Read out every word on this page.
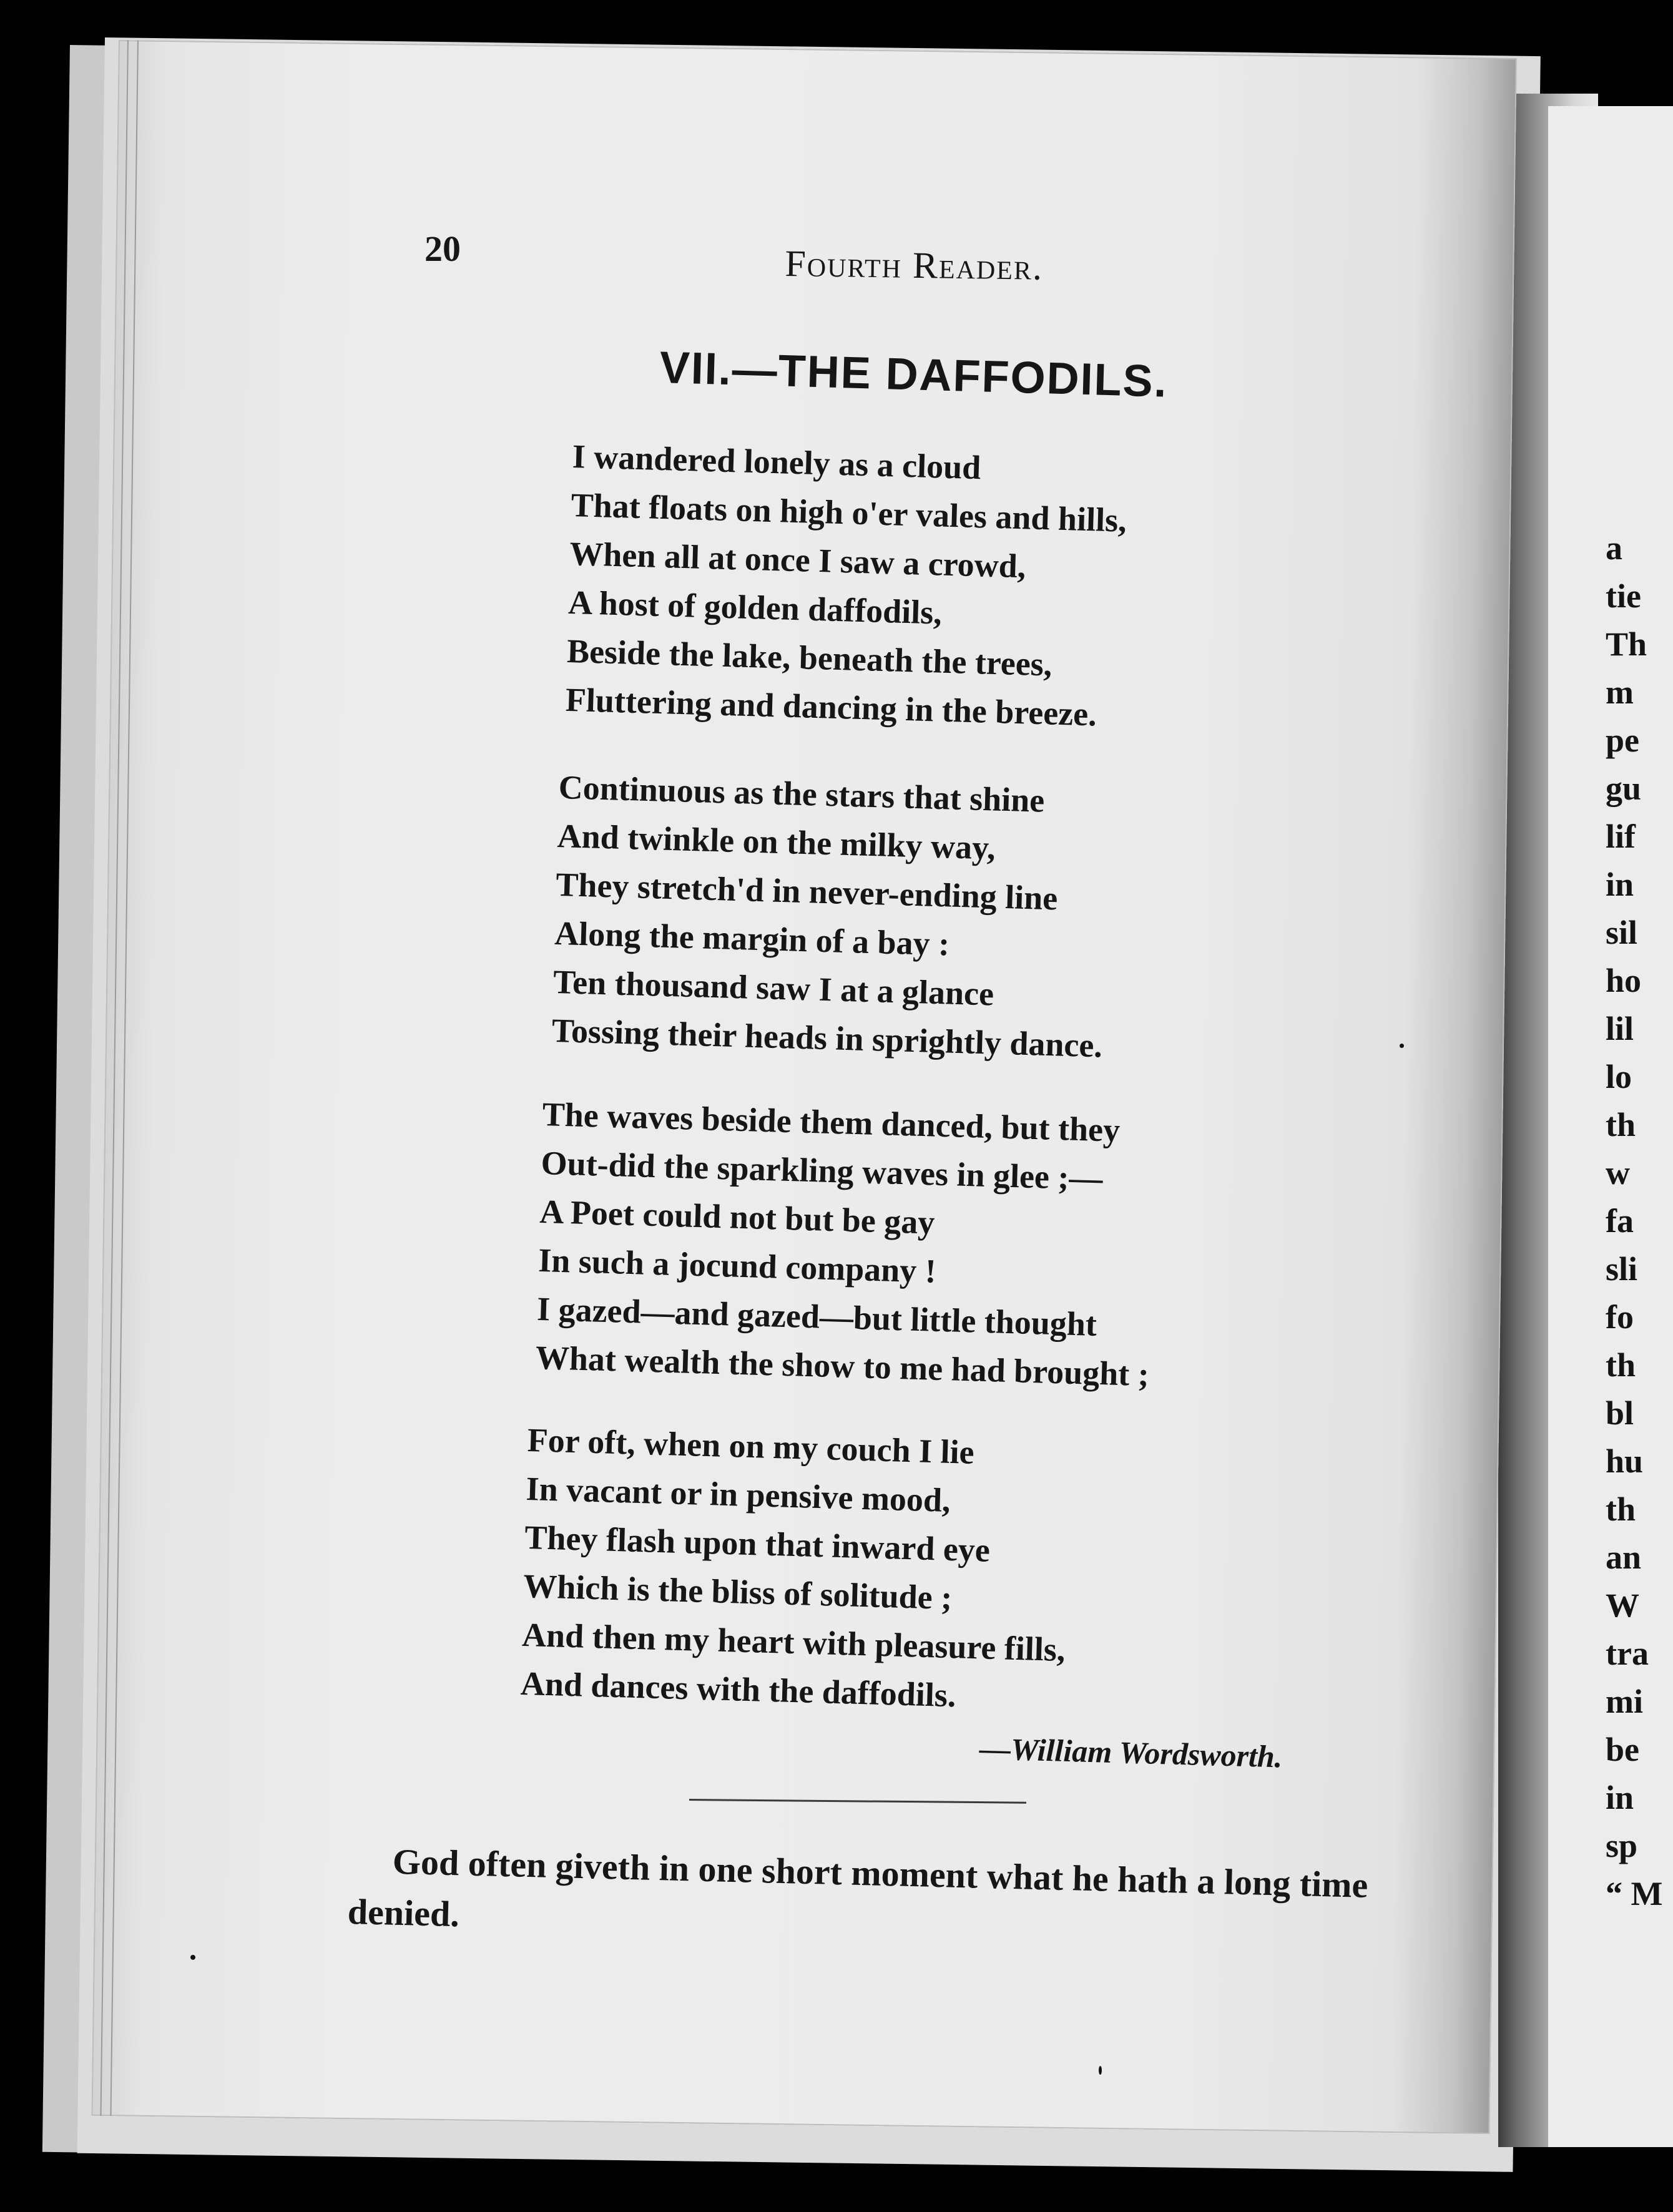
a
tie
Th
m
pe
gu
lif
in
sil
ho
lil
lo
th
w
fa
sli
fo
th
bl
hu
th
an
W
tra
mi
be
in
sp
“ M
20	Fourth Reader.
VII.—THE DAFFODILS.
I wandered lonely as a cloud
That floats on high o'er vales and hills,
When all at once I saw a crowd,
A host of golden daffodils,
Beside the lake, beneath the trees,
Fluttering and dancing in the breeze.
Continuous as the stars that shine
And twinkle on the milky way,
They stretch'd in never-ending line
Along the margin of a bay :
Ten thousand saw I at a glance
Tossing their heads in sprightly dance.
The waves beside them danced, but they
Out-did the sparkling waves in glee ;—
A Poet could not but be gay
In such a jocund company !
I gazed—and gazed—but little thought
What wealth the show to me had brought ;
For oft, when on my couch I lie
In vacant or in pensive mood,
They flash upon that inward eye
Which is the bliss of solitude ;
And then my heart with pleasure fills,
And dances with the daffodils.
—William Wordsworth.
God often giveth in one short moment what he hath a long time denied.
